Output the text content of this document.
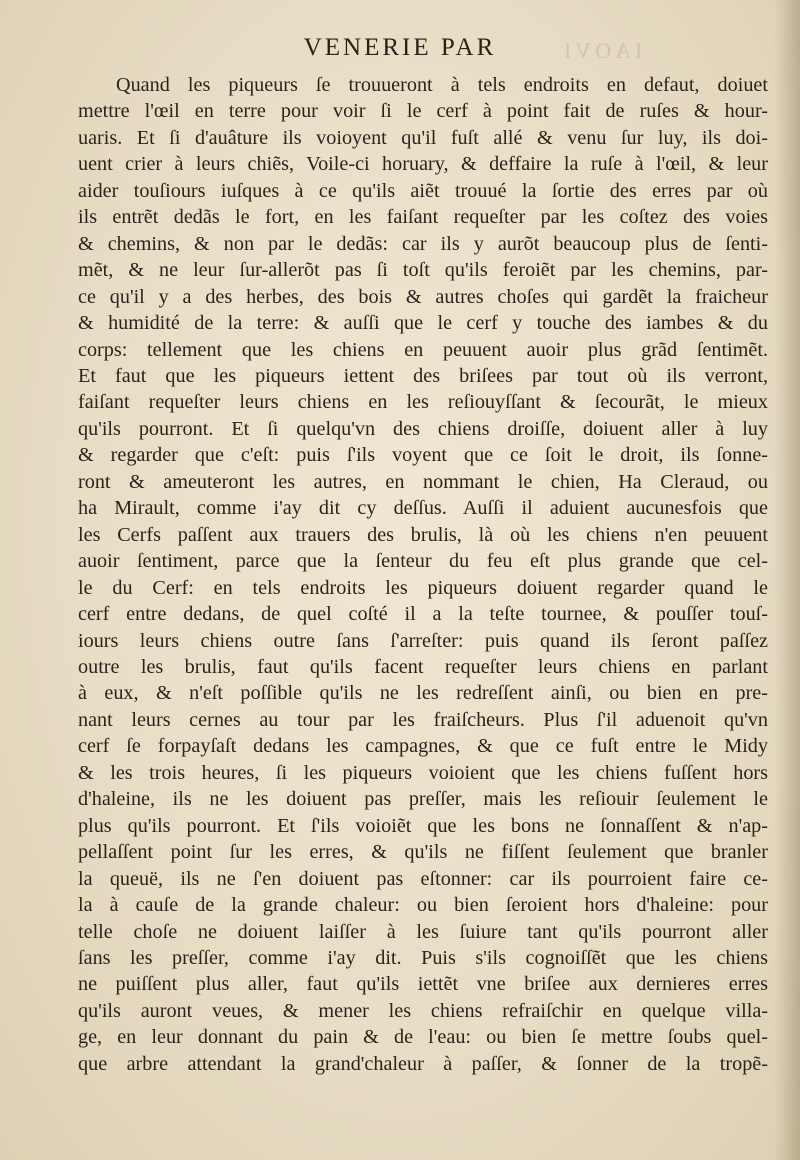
IAOVI
VENERIE PAR
Quand les piqueurs ſe trouueront à tels endroits en defaut, doiuet
mettre l'œil en terre pour voir ſi le cerf à point fait de ruſes & hour-
uaris. Et ſi d'auâture ils voioyent qu'il fuſt allé & venu ſur luy, ils doi-
uent crier à leurs chiẽs, Voile-ci horuary, & deffaire la ruſe à l'œil, & leur
aider touſiours iuſques à ce qu'ils aiẽt trouué la ſortie des erres par où
ils entrẽt dedãs le fort, en les faiſant requeſter par les coſtez des voies
& chemins, & non par le dedãs: car ils y aurõt beaucoup plus de ſenti-
mẽt, & ne leur ſur-allerõt pas ſi toſt qu'ils feroiẽt par les chemins, par-
ce qu'il y a des herbes, des bois & autres choſes qui gardẽt la fraicheur
& humidité de la terre: & auſſi que le cerf y touche des iambes & du
corps: tellement que les chiens en peuuent auoir plus grãd ſentimẽt.
Et faut que les piqueurs iettent des briſees par tout où ils verront,
faiſant requeſter leurs chiens en les reſiouyſſant & ſecourãt, le mieux
qu'ils pourront. Et ſi quelqu'vn des chiens droiſſe, doiuent aller à luy
& regarder que c'eſt: puis ſ'ils voyent que ce ſoit le droit, ils ſonne-
ront & ameuteront les autres, en nommant le chien, Ha Cleraud, ou
ha Mirault, comme i'ay dit cy deſſus. Auſſi il aduient aucunesfois que
les Cerfs paſſent aux trauers des brulis, là où les chiens n'en peuuent
auoir ſentiment, parce que la ſenteur du feu eſt plus grande que cel-
le du Cerf: en tels endroits les piqueurs doiuent regarder quand le
cerf entre dedans, de quel coſté il a la teſte tournee, & pouſſer touſ-
iours leurs chiens outre ſans ſ'arreſter: puis quand ils ſeront paſſez
outre les brulis, faut qu'ils facent requeſter leurs chiens en parlant
à eux, & n'eſt poſſible qu'ils ne les redreſſent ainſi, ou bien en pre-
nant leurs cernes au tour par les fraiſcheurs. Plus ſ'il aduenoit qu'vn
cerf ſe forpayſaſt dedans les campagnes, & que ce fuſt entre le Midy
& les trois heures, ſi les piqueurs voioient que les chiens fuſſent hors
d'haleine, ils ne les doiuent pas preſſer, mais les reſiouir ſeulement le
plus qu'ils pourront. Et ſ'ils voioiẽt que les bons ne ſonnaſſent & n'ap-
pellaſſent point ſur les erres, & qu'ils ne fiſſent ſeulement que branler
la queuë, ils ne ſ'en doiuent pas eſtonner: car ils pourroient faire ce-
la à cauſe de la grande chaleur: ou bien ſeroient hors d'haleine: pour
telle choſe ne doiuent laiſſer à les ſuiure tant qu'ils pourront aller
ſans les preſſer, comme i'ay dit. Puis s'ils cognoiſſẽt que les chiens
ne puiſſent plus aller, faut qu'ils iettẽt vne briſee aux dernieres erres
qu'ils auront veues, & mener les chiens refraiſchir en quelque villa-
ge, en leur donnant du pain & de l'eau: ou bien ſe mettre ſoubs quel-
que arbre attendant la grand'chaleur à paſſer, & ſonner de la tropẽ-
